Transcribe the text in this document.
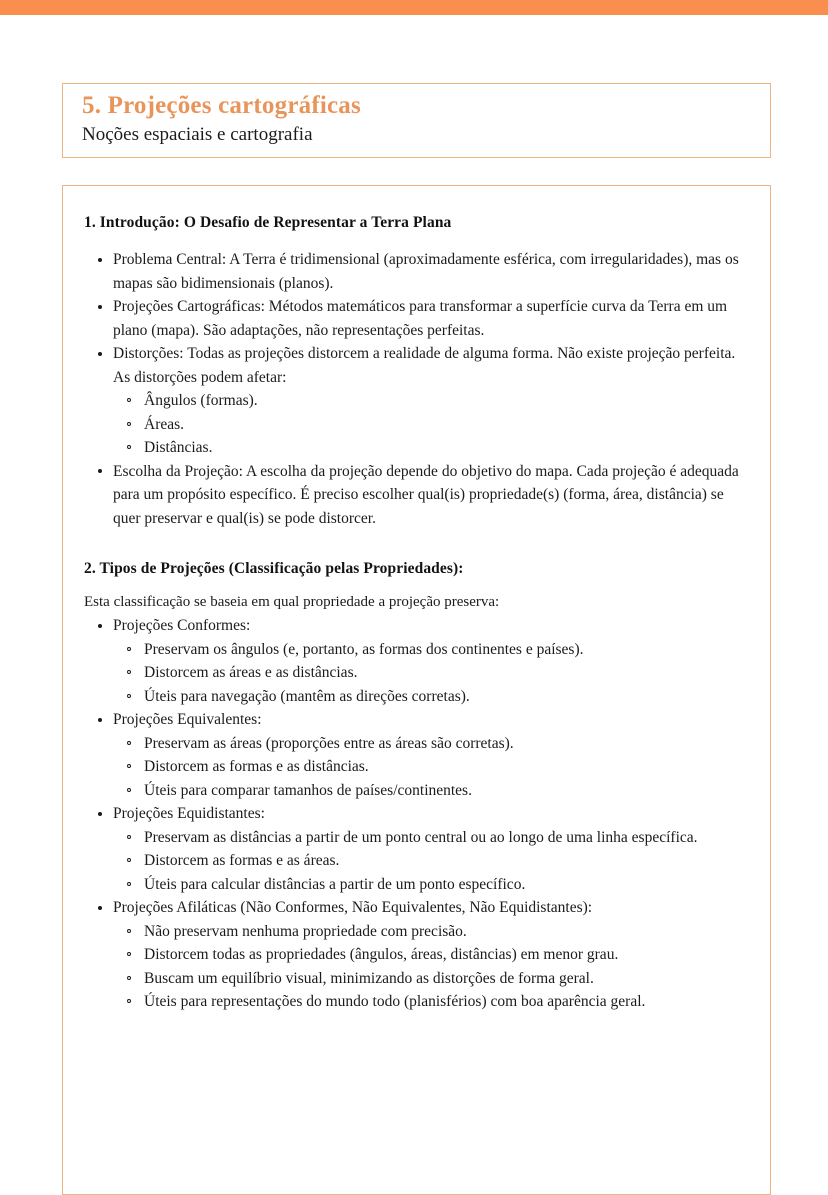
5. Projeções cartográficas
Noções espaciais e cartografia
1. Introdução: O Desafio de Representar a Terra Plana
Problema Central: A Terra é tridimensional (aproximadamente esférica, com irregularidades), mas os mapas são bidimensionais (planos).
Projeções Cartográficas: Métodos matemáticos para transformar a superfície curva da Terra em um plano (mapa). São adaptações, não representações perfeitas.
Distorções: Todas as projeções distorcem a realidade de alguma forma. Não existe projeção perfeita. As distorções podem afetar:
Ângulos (formas).
Áreas.
Distâncias.
Escolha da Projeção: A escolha da projeção depende do objetivo do mapa. Cada projeção é adequada para um propósito específico. É preciso escolher qual(is) propriedade(s) (forma, área, distância) se quer preservar e qual(is) se pode distorcer.
2. Tipos de Projeções (Classificação pelas Propriedades):
Esta classificação se baseia em qual propriedade a projeção preserva:
Projeções Conformes:
Preservam os ângulos (e, portanto, as formas dos continentes e países).
Distorcem as áreas e as distâncias.
Úteis para navegação (mantêm as direções corretas).
Projeções Equivalentes:
Preservam as áreas (proporções entre as áreas são corretas).
Distorcem as formas e as distâncias.
Úteis para comparar tamanhos de países/continentes.
Projeções Equidistantes:
Preservam as distâncias a partir de um ponto central ou ao longo de uma linha específica.
Distorcem as formas e as áreas.
Úteis para calcular distâncias a partir de um ponto específico.
Projeções Afiláticas (Não Conformes, Não Equivalentes, Não Equidistantes):
Não preservam nenhuma propriedade com precisão.
Distorcem todas as propriedades (ângulos, áreas, distâncias) em menor grau.
Buscam um equilíbrio visual, minimizando as distorções de forma geral.
Úteis para representações do mundo todo (planisférios) com boa aparência geral.
